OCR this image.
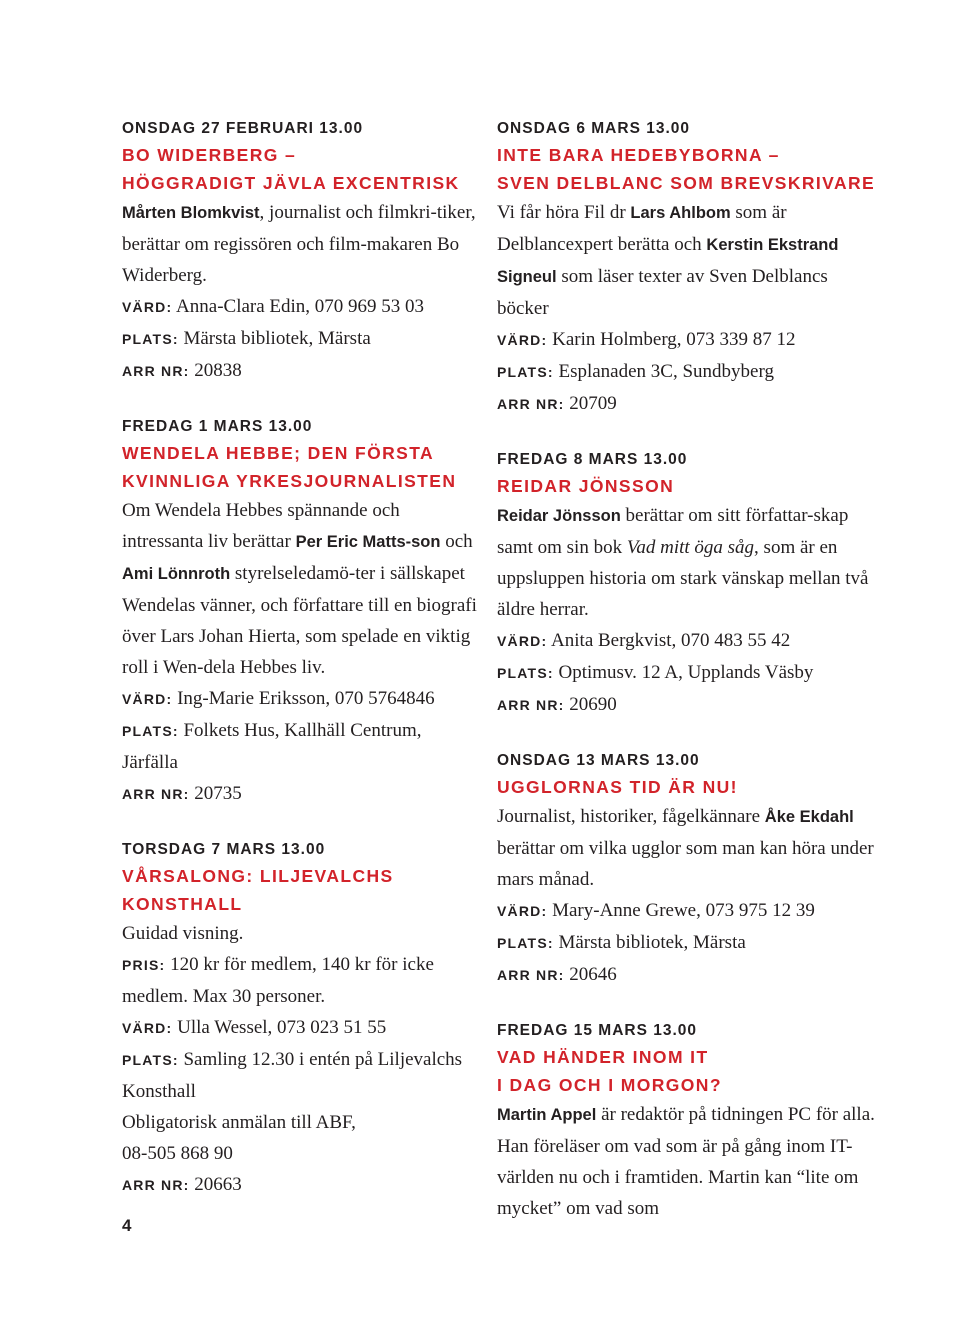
ONSDAG 27 FEBRUARI 13.00
BO WIDERBERG –
HÖGGRADIGT JÄVLA EXCENTRISK

Mårten Blomkvist, journalist och filmkri-tiker, berättar om regissören och film-makaren Bo Widerberg.

VÄRD: Anna-Clara Edin, 070 969 53 03
PLATS: Märsta bibliotek, Märsta
ARR NR: 20838
FREDAG 1 MARS 13.00
WENDELA HEBBE; DEN FÖRSTA
KVINNLIGA YRKESJOURNALISTEN

Om Wendela Hebbes spännande och intressanta liv berättar Per Eric Matts-son och Ami Lönnroth styrelseledamö-ter i sällskapet Wendelas vänner, och författare till en biografi över Lars Johan Hierta, som spelade en viktig roll i Wen-dela Hebbes liv.

VÄRD: Ing-Marie Eriksson, 070 5764846
PLATS: Folkets Hus, Kallhäll Centrum, Järfälla
ARR NR: 20735
TORSDAG 7 MARS 13.00
VÅRSALONG: LILJEVALCHS KONSTHALL

Guidad visning.

PRIS: 120 kr för medlem, 140 kr för icke medlem. Max 30 personer.
VÄRD: Ulla Wessel, 073 023 51 55
PLATS: Samling 12.30 i entén på Liljevalchs Konsthall
Obligatorisk anmälan till ABF,
08-505 868 90
ARR NR: 20663
ONSDAG 6 MARS 13.00
INTE BARA HEDEBYBORNA –
SVEN DELBLANC SOM BREVSKRIVARE

Vi får höra Fil dr Lars Ahlbom som är Delblancexpert berätta och Kerstin Ekstrand Signeul som läser texter av Sven Delblancs böcker

VÄRD: Karin Holmberg, 073 339 87 12
PLATS: Esplanaden 3C, Sundbyberg
ARR NR: 20709
FREDAG 8 MARS 13.00
REIDAR JÖNSSON

Reidar Jönsson berättar om sitt författar-skap samt om sin bok Vad mitt öga såg, som är en uppsluppen historia om stark vänskap mellan två äldre herrar.

VÄRD: Anita Bergkvist, 070 483 55 42
PLATS: Optimusv. 12 A, Upplands Väsby
ARR NR: 20690
ONSDAG 13 MARS 13.00
UGGLORNAS TID ÄR NU!

Journalist, historiker, fågelkännare Åke Ekdahl berättar om vilka ugglor som man kan höra under mars månad.

VÄRD: Mary-Anne Grewe, 073 975 12 39
PLATS: Märsta bibliotek, Märsta
ARR NR: 20646
FREDAG 15 MARS 13.00
VAD HÄNDER INOM IT
I DAG OCH I MORGON?

Martin Appel är redaktör på tidningen PC för alla. Han föreläser om vad som är på gång inom IT-världen nu och i framtiden. Martin kan “lite om mycket” om vad som

4
